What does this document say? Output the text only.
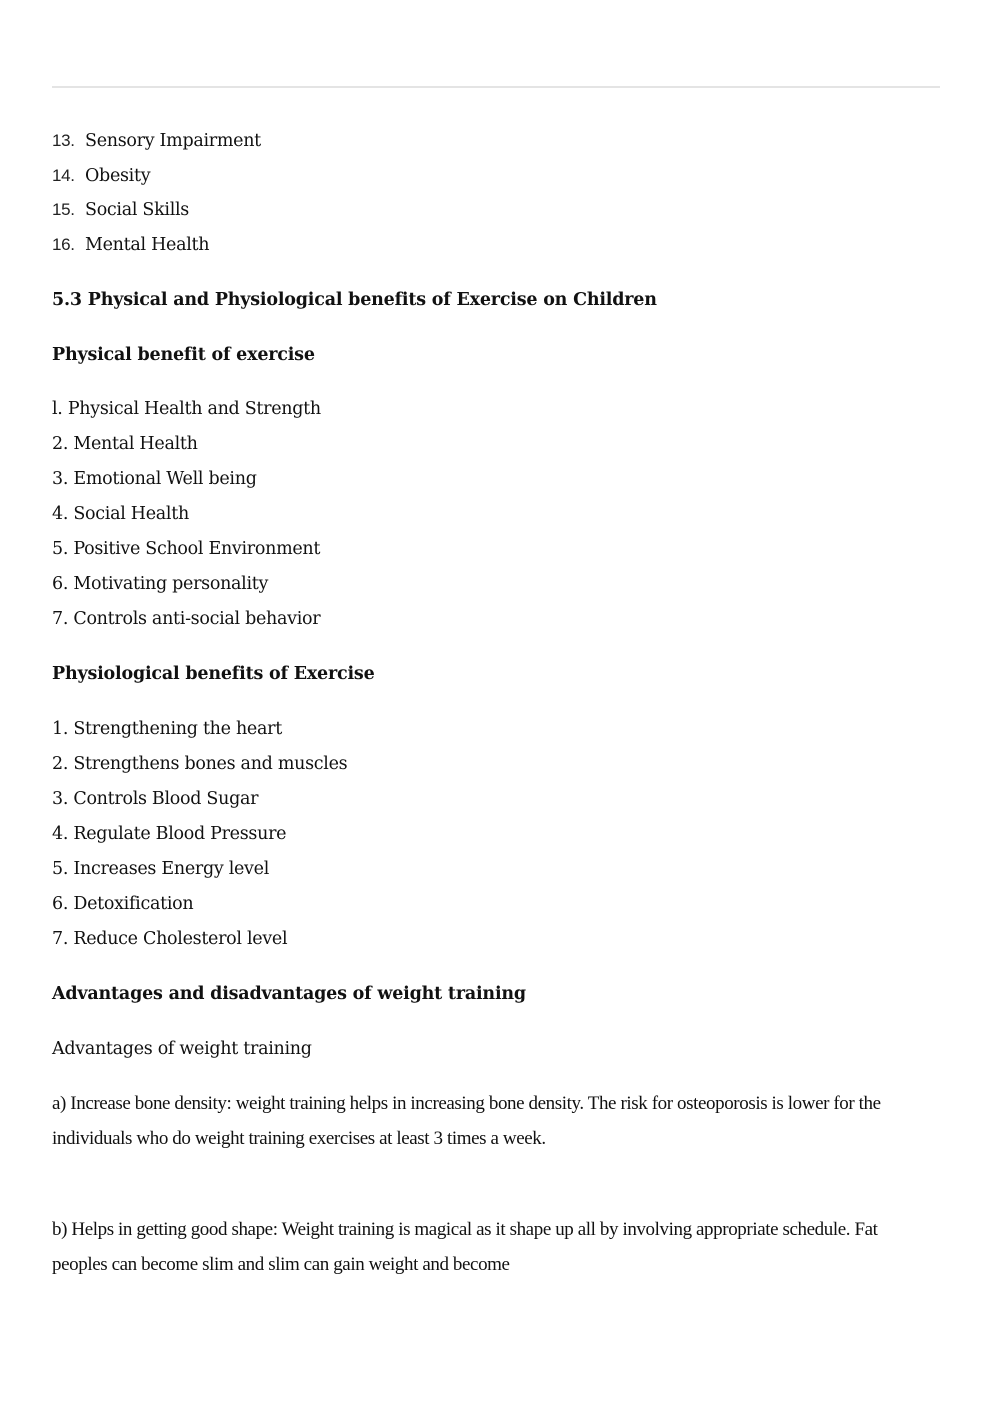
13. Sensory Impairment
14. Obesity
15. Social Skills
16. Mental Health
5.3 Physical and Physiological benefits of Exercise on Children
Physical benefit of exercise
l. Physical Health and Strength
2. Mental Health
3. Emotional Well being
4. Social Health
5. Positive School Environment
6. Motivating personality
7. Controls anti-social behavior
Physiological benefits of Exercise
1. Strengthening the heart
2. Strengthens bones and muscles
3. Controls Blood Sugar
4. Regulate Blood Pressure
5. Increases Energy level
6. Detoxification
7. Reduce Cholesterol level
Advantages and disadvantages of weight training
Advantages of weight training
a) Increase bone density: weight training helps in increasing bone density. The risk for osteoporosis is lower for the individuals who do weight training exercises at least 3 times a week.
b) Helps in getting good shape: Weight training is magical as it shape up all by involving appropriate schedule. Fat peoples can become slim and slim can gain weight and become
